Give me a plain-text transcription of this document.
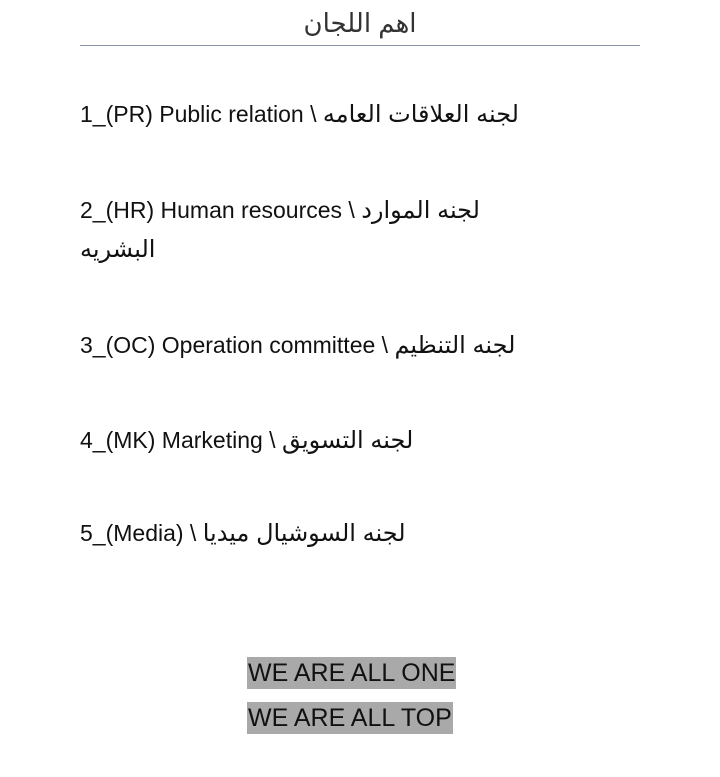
اهم اللجان
1_(PR) Public relation \ لجنه العلاقات العامه
2_(HR) Human resources \ لجنه الموارد
البشريه
3_(OC) Operation committee \ لجنه التنظيم
4_(MK) Marketing \ لجنه التسويق
5_(Media) \ لجنه السوشيال ميديا
WE ARE ALL ONE
WE ARE ALL TOP
